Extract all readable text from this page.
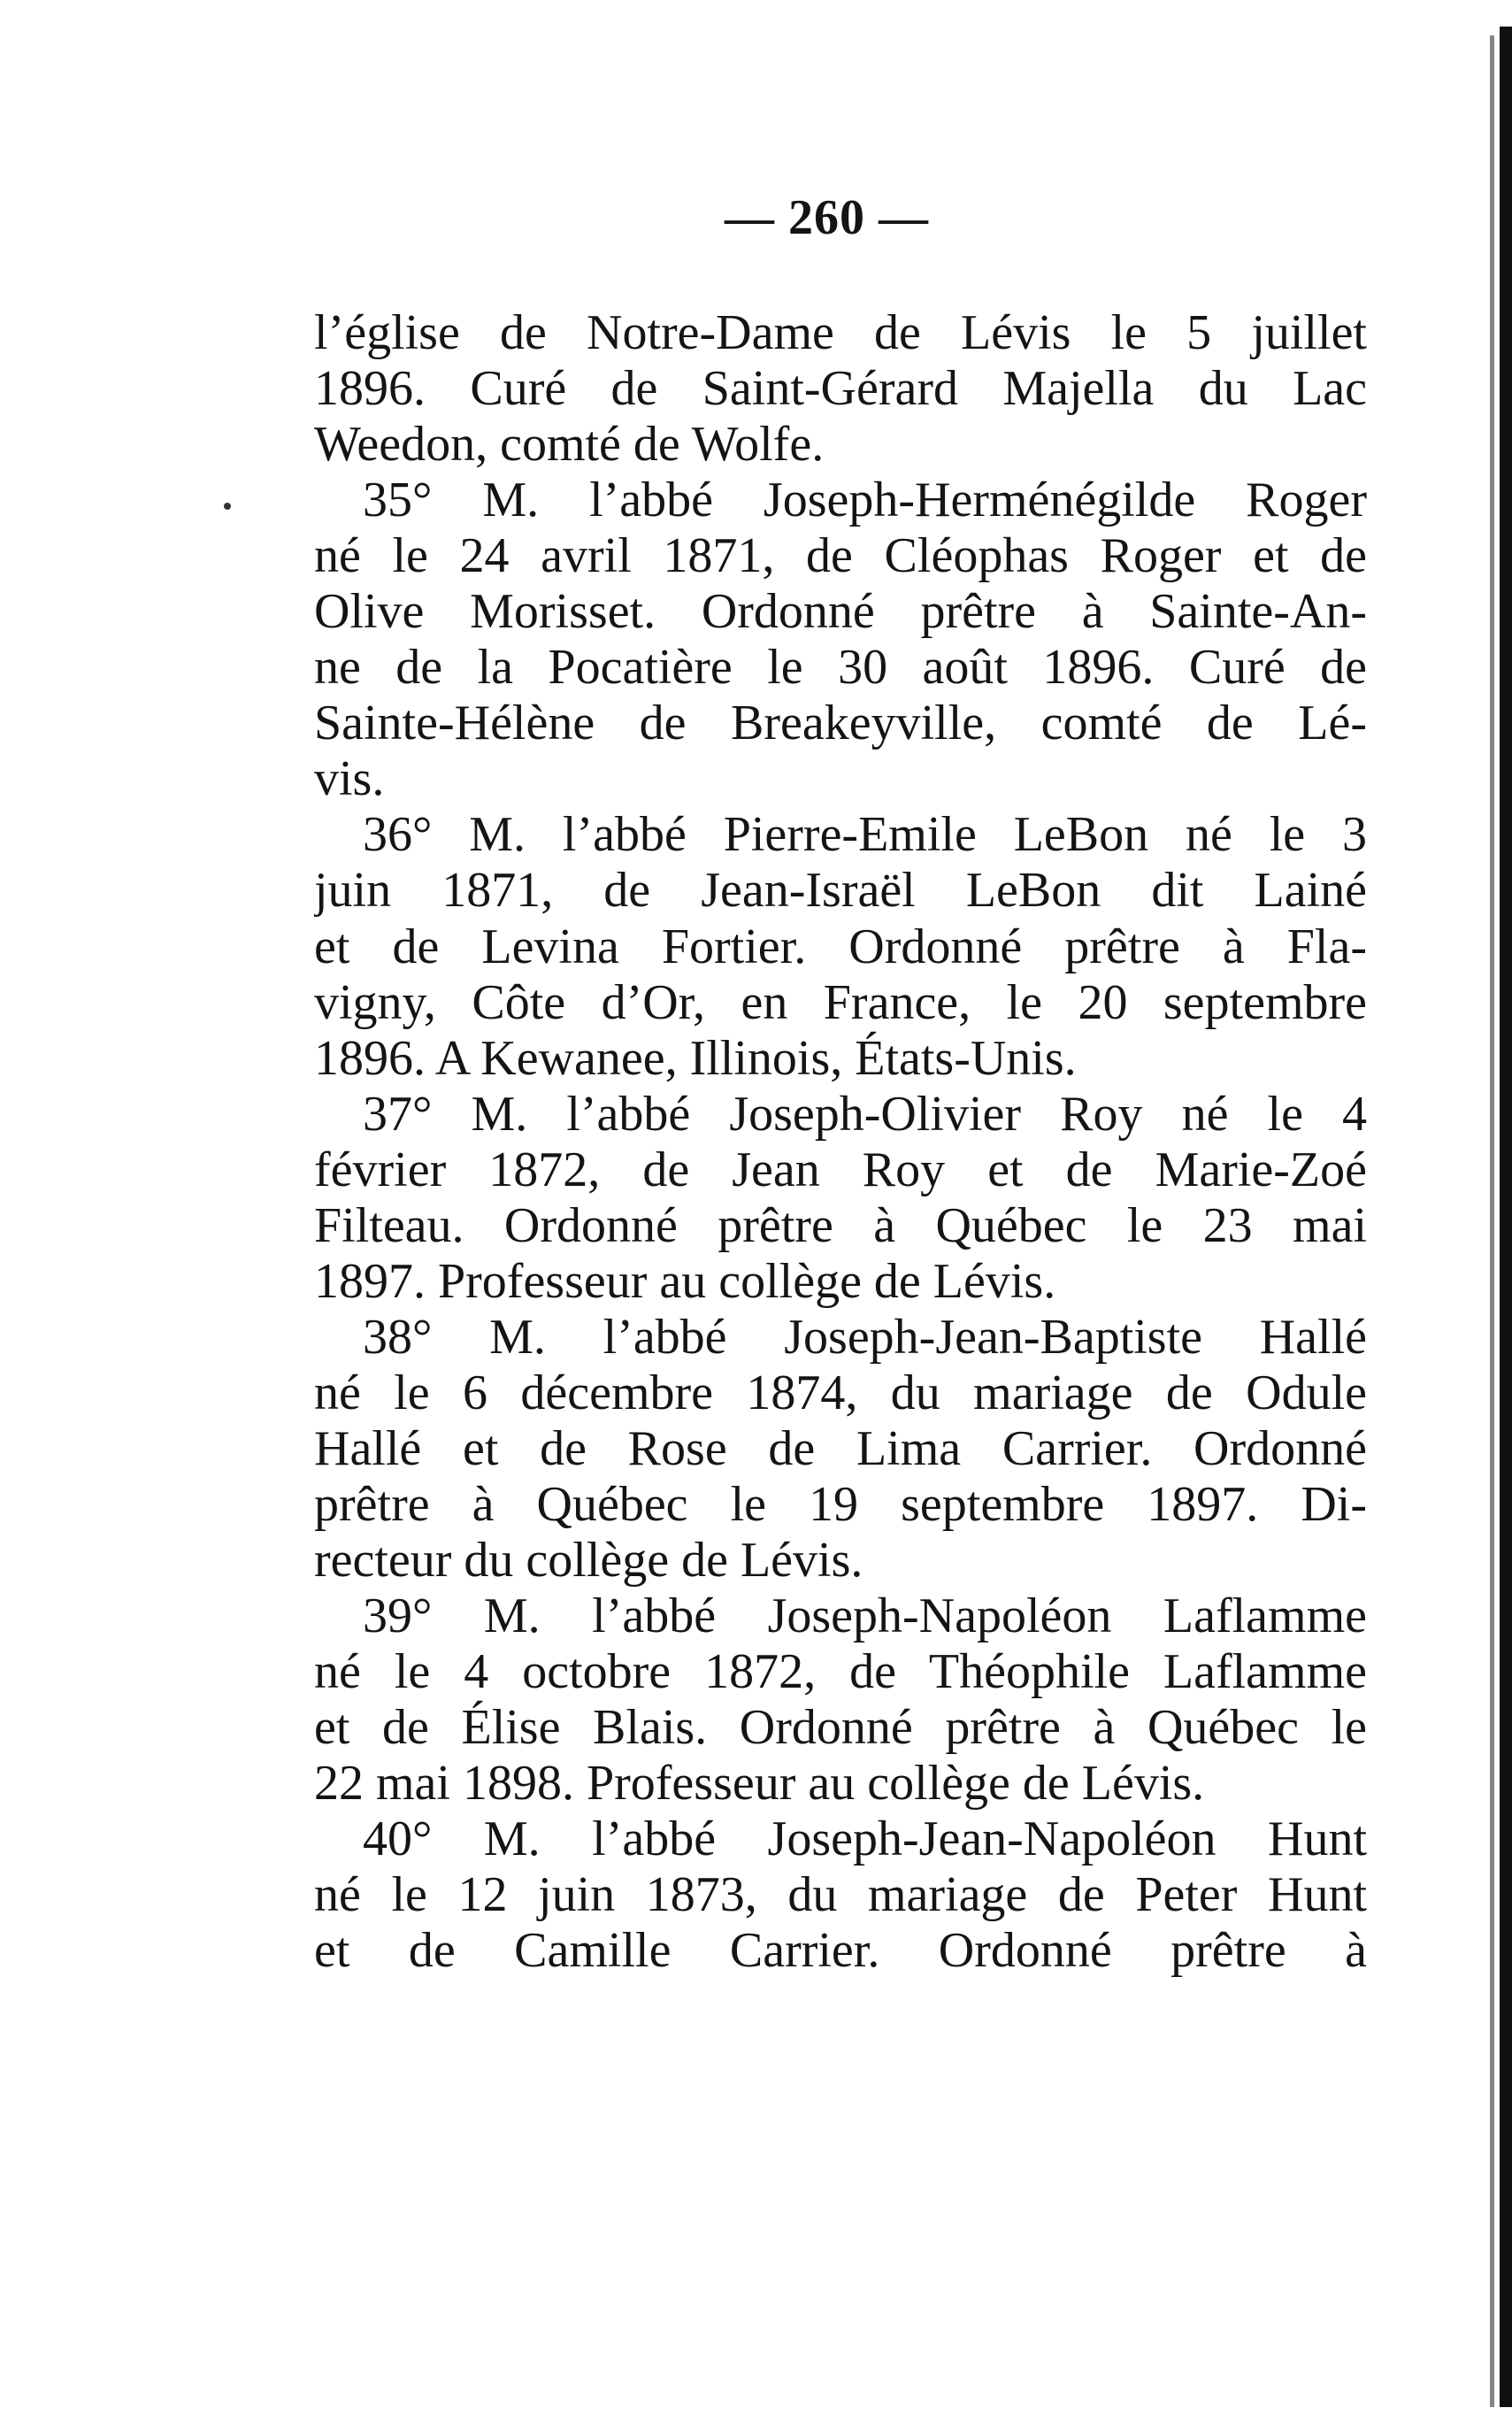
— 260 —
l’église de Notre-Dame de Lévis le 5 juillet
1896. Curé de Saint-Gérard Majella du Lac
Weedon, comté de Wolfe.
35° M. l’abbé Joseph-Herménégilde Roger
né le 24 avril 1871, de Cléophas Roger et de
Olive Morisset. Ordonné prêtre à Sainte-An-
ne de la Pocatière le 30 août 1896. Curé de
Sainte-Hélène de Breakeyville, comté de Lé-
vis.
36° M. l’abbé Pierre-Emile LeBon né le 3
juin 1871, de Jean-Israël LeBon dit Lainé
et de Levina Fortier. Ordonné prêtre à Fla-
vigny, Côte d’Or, en France, le 20 septembre
1896. A Kewanee, Illinois, États-Unis.
37° M. l’abbé Joseph-Olivier Roy né le 4
février 1872, de Jean Roy et de Marie-Zoé
Filteau. Ordonné prêtre à Québec le 23 mai
1897. Professeur au collège de Lévis.
38° M. l’abbé Joseph-Jean-Baptiste Hallé
né le 6 décembre 1874, du mariage de Odule
Hallé et de Rose de Lima Carrier. Ordonné
prêtre à Québec le 19 septembre 1897. Di-
recteur du collège de Lévis.
39° M. l’abbé Joseph-Napoléon Laflamme
né le 4 octobre 1872, de Théophile Laflamme
et de Élise Blais. Ordonné prêtre à Québec le
22 mai 1898. Professeur au collège de Lévis.
40° M. l’abbé Joseph-Jean-Napoléon Hunt
né le 12 juin 1873, du mariage de Peter Hunt
et de Camille Carrier. Ordonné prêtre à
